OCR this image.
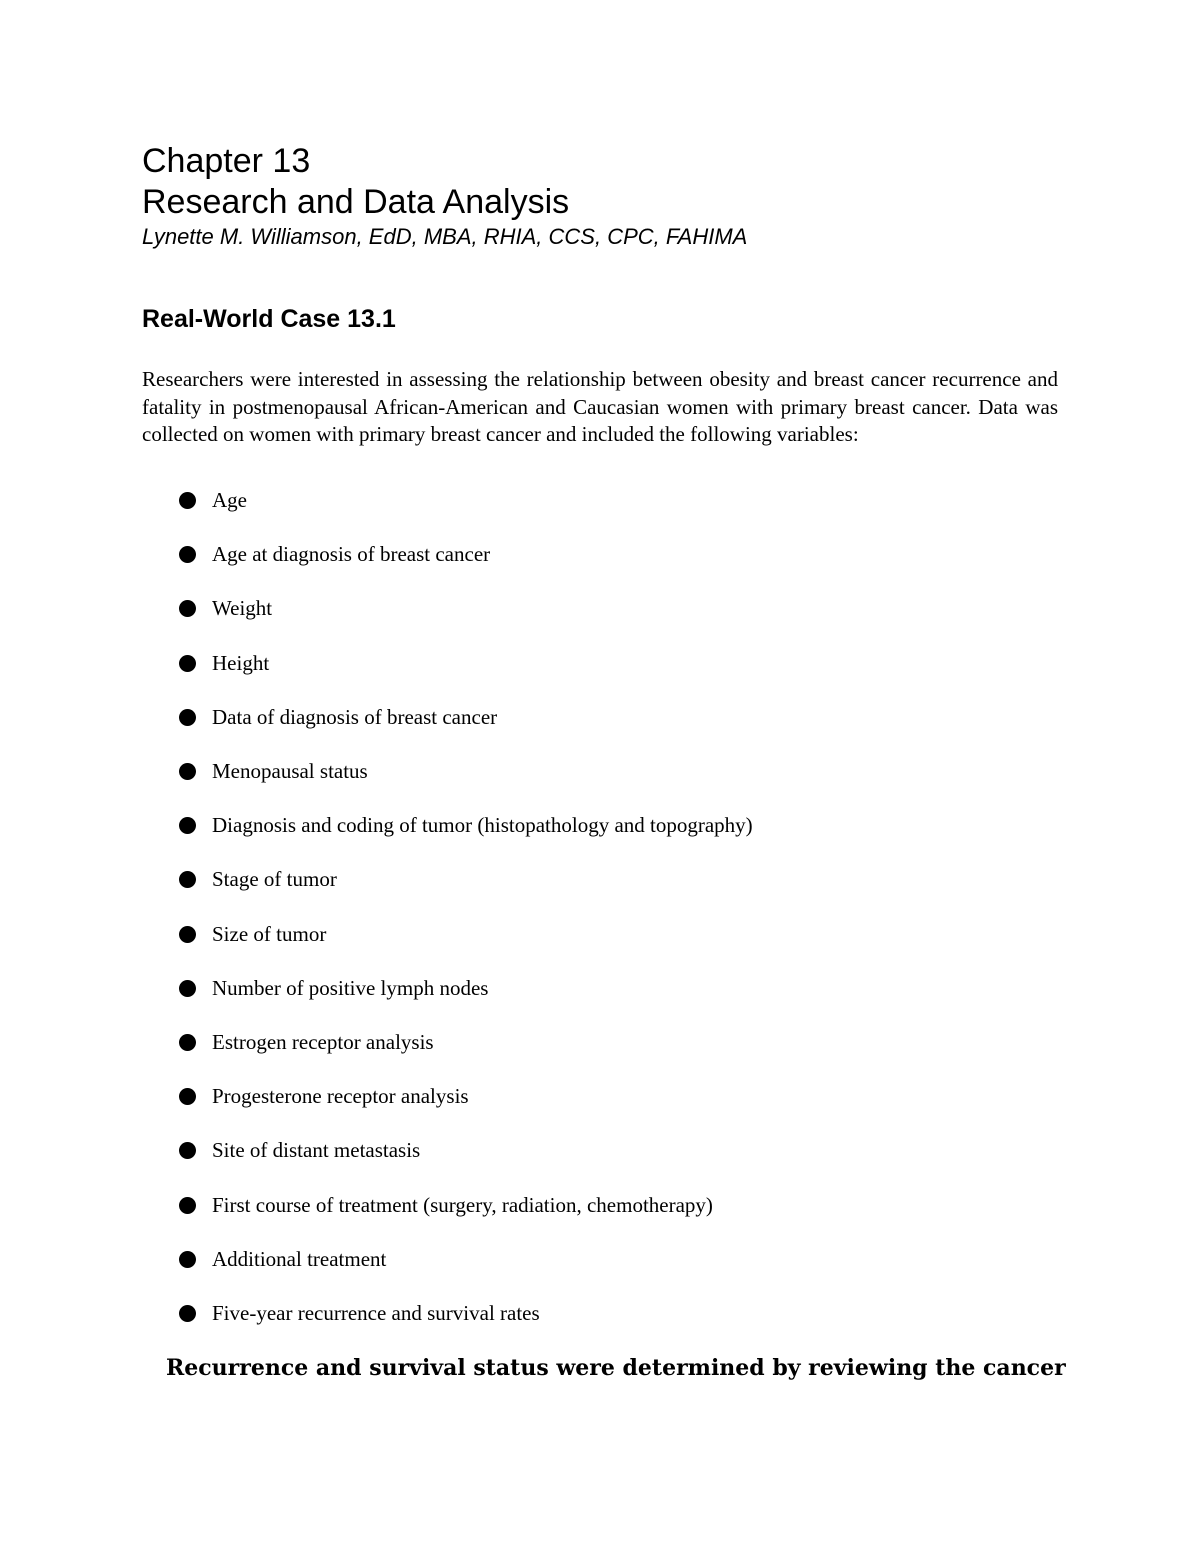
Chapter 13
Research and Data Analysis

Lynette M. Williamson, EdD, MBA, RHIA, CCS, CPC, FAHIMA

Real-World Case 13.1

Researchers were interested in assessing the relationship between obesity and breast cancer recurrence and fatality in postmenopausal African-American and Caucasian women with primary breast cancer. Data was collected on women with primary breast cancer and included the following variables:

Age
Age at diagnosis of breast cancer
Weight
Height
Data of diagnosis of breast cancer
Menopausal status
Diagnosis and coding of tumor (histopathology and topography)
Stage of tumor
Size of tumor
Number of positive lymph nodes
Estrogen receptor analysis
Progesterone receptor analysis
Site of distant metastasis
First course of treatment (surgery, radiation, chemotherapy)
Additional treatment
Five-year recurrence and survival rates

Recurrence and survival status were determined by reviewing the cancer
